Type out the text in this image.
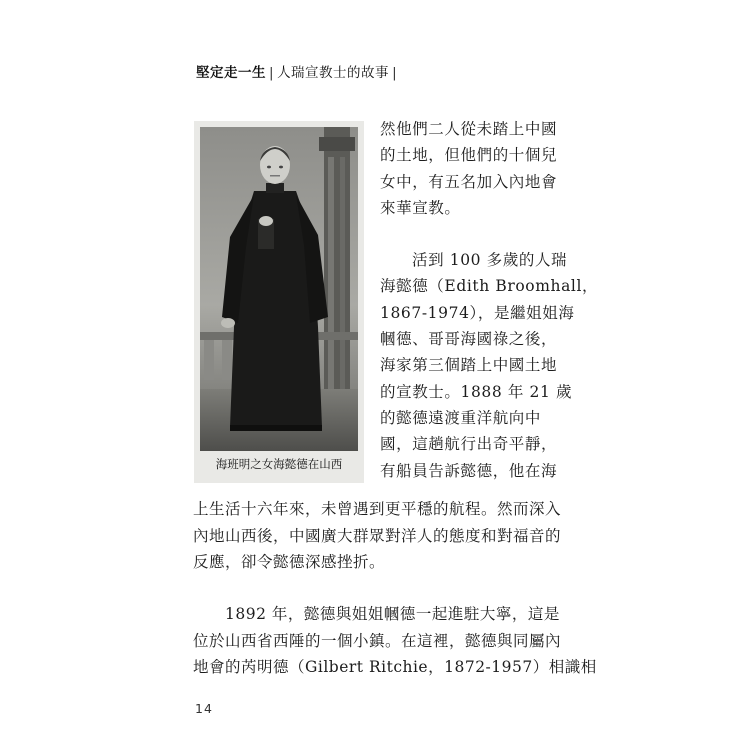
堅定走一生 | 人瑞宣教士的故事 |
海班明之女海懿德在山西

然他們二人從未踏上中國

的土地，但他們的十個兒

女中，有五名加入內地會

來華宣教。

活到 100 多歲的人瑞

海懿德（Edith Broomhall，

1867-1974），是繼姐姐海

幗德、哥哥海國祿之後，

海家第三個踏上中國土地

的宣教士。1888 年 21 歲

的懿德遠渡重洋航向中

國，這趟航行出奇平靜，

有船員告訴懿德，他在海

上生活十六年來，未曾遇到更平穩的航程。然而深入

內地山西後，中國廣大群眾對洋人的態度和對福音的

反應，卻令懿德深感挫折。

1892 年，懿德與姐姐幗德一起進駐大寧，這是

位於山西省西陲的一個小鎮。在這裡，懿德與同屬內

地會的芮明德（Gilbert Ritchie，1872-1957）相識相

14
